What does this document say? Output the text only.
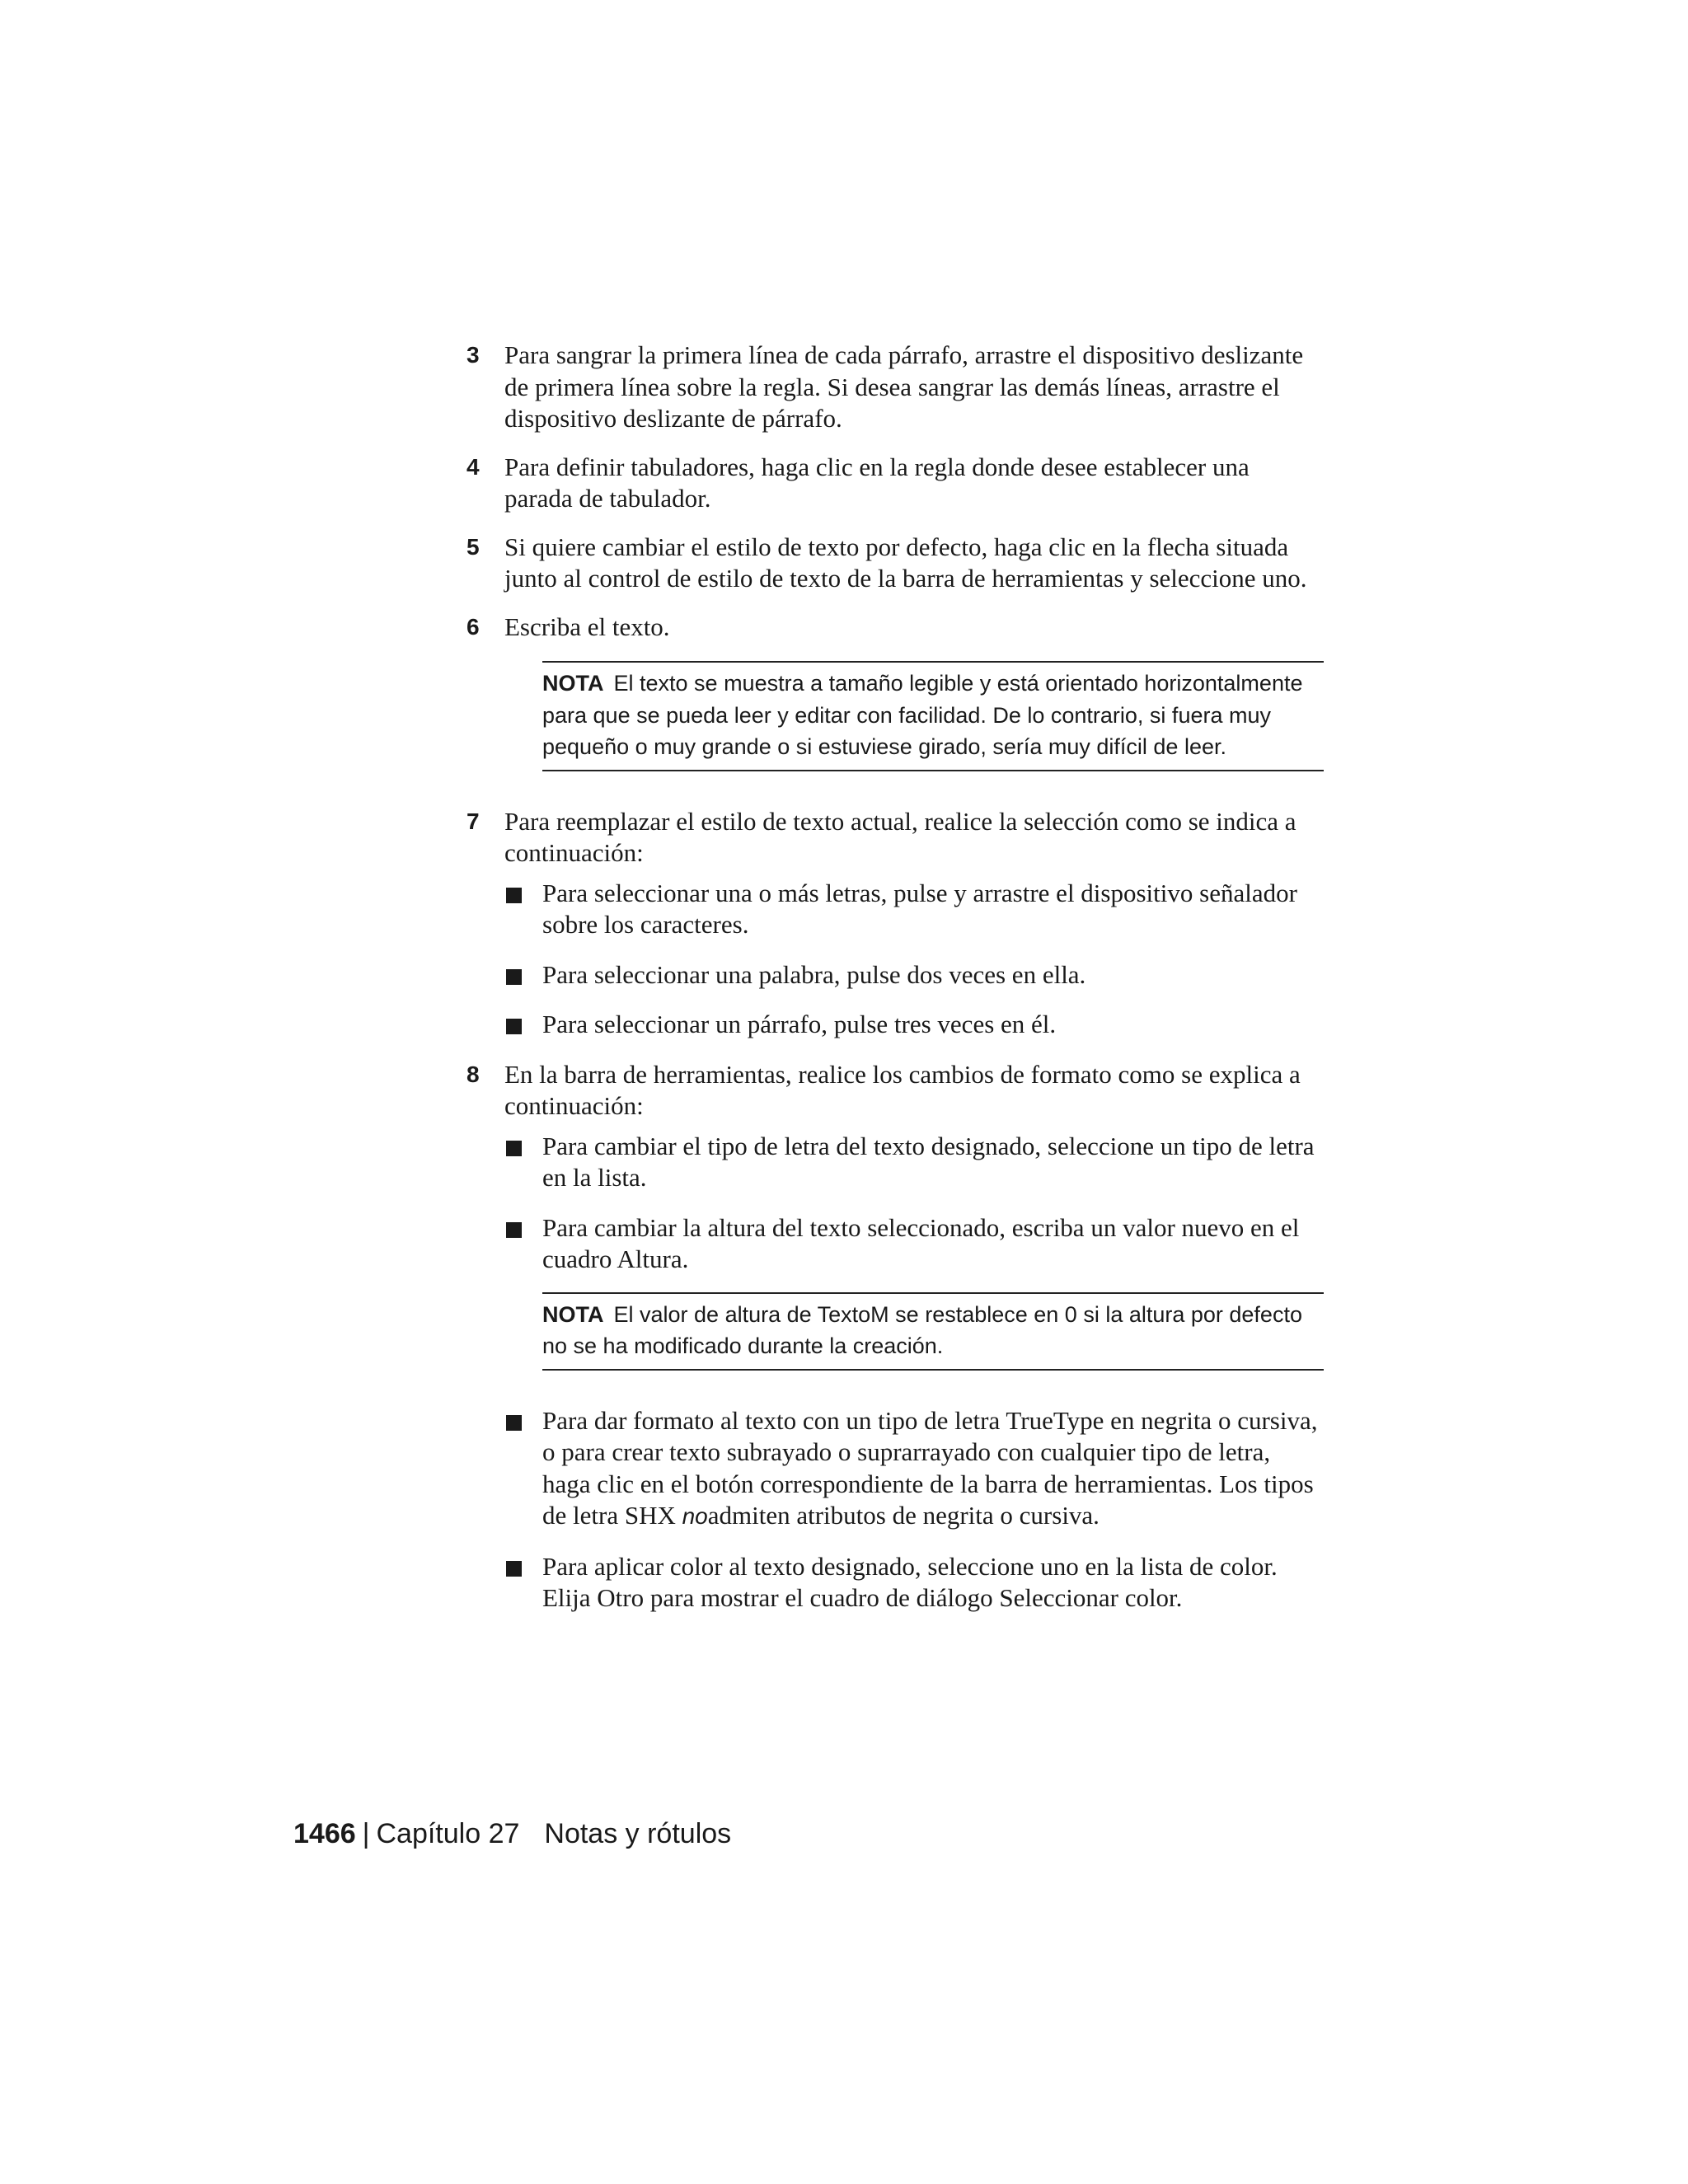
3 Para sangrar la primera línea de cada párrafo, arrastre el dispositivo deslizante de primera línea sobre la regla. Si desea sangrar las demás líneas, arrastre el dispositivo deslizante de párrafo.

4 Para definir tabuladores, haga clic en la regla donde desee establecer una parada de tabulador.

5 Si quiere cambiar el estilo de texto por defecto, haga clic en la flecha situada junto al control de estilo de texto de la barra de herramientas y seleccione uno.

6 Escriba el texto.

NOTA El texto se muestra a tamaño legible y está orientado horizontalmente para que se pueda leer y editar con facilidad. De lo contrario, si fuera muy pequeño o muy grande o si estuviese girado, sería muy difícil de leer.
7 Para reemplazar el estilo de texto actual, realice la selección como se indica a continuación:

Para seleccionar una o más letras, pulse y arrastre el dispositivo señalador sobre los caracteres.
Para seleccionar una palabra, pulse dos veces en ella.
Para seleccionar un párrafo, pulse tres veces en él.
8 En la barra de herramientas, realice los cambios de formato como se explica a continuación:

Para cambiar el tipo de letra del texto designado, seleccione un tipo de letra en la lista.
Para cambiar la altura del texto seleccionado, escriba un valor nuevo en el cuadro Altura.
NOTA El valor de altura de TextoM se restablece en 0 si la altura por defecto no se ha modificado durante la creación.
Para dar formato al texto con un tipo de letra TrueType en negrita o cursiva, o para crear texto subrayado o suprarrayado con cualquier tipo de letra, haga clic en el botón correspondiente de la barra de herramientas. Los tipos de letra SHX noadmiten atributos de negrita o cursiva.
Para aplicar color al texto designado, seleccione uno en la lista de color. Elija Otro para mostrar el cuadro de diálogo Seleccionar color.
1466 | Capítulo 27 Notas y rótulos
